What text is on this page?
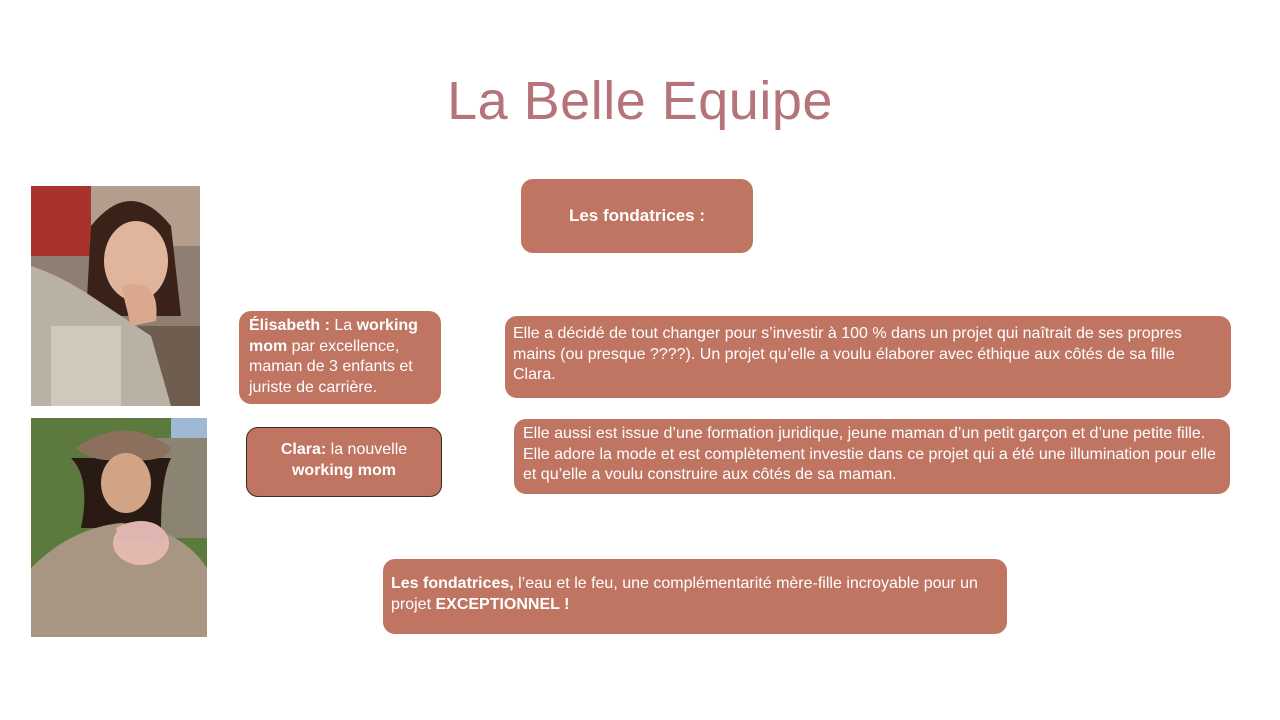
La Belle Equipe
Les fondatrices :
Élisabeth : La working mom par excellence, maman de 3 enfants et juriste de carrière.
Elle a décidé de tout changer pour s’investir à 100 % dans un projet qui naîtrait de ses propres mains (ou presque ????). Un projet qu’elle a voulu élaborer avec éthique aux côtés de sa fille Clara.
Clara: la nouvelle working mom
Elle aussi est issue d’une formation juridique, jeune maman d’un petit garçon et d’une petite fille. Elle adore la mode et est complètement investie dans ce projet qui a été une illumination pour elle et qu’elle a voulu construire aux côtés de sa maman.
Les fondatrices, l’eau et le feu, une complémentarité mère-fille incroyable pour un projet EXCEPTIONNEL !
